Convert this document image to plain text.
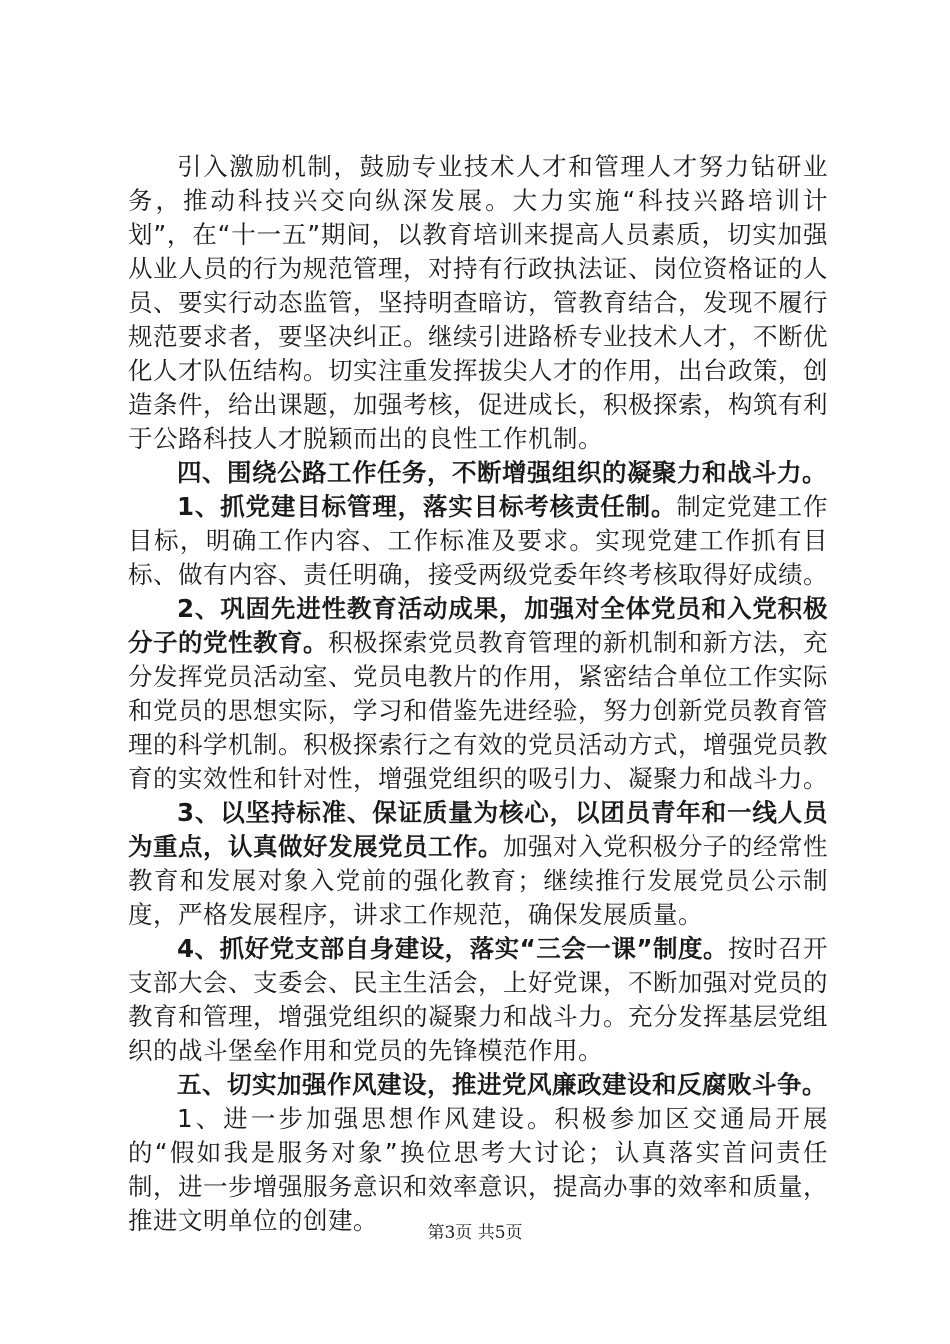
引入激励机制，鼓励专业技术人才和管理人才努力钻研业务，推动科技兴交向纵深发展。大力实施“科技兴路培训计划”，在“十一五”期间，以教育培训来提高人员素质，切实加强从业人员的行为规范管理，对持有行政执法证、岗位资格证的人员、要实行动态监管，坚持明查暗访，管教育结合，发现不履行规范要求者，要坚决纠正。继续引进路桥专业技术人才，不断优化人才队伍结构。切实注重发挥拔尖人才的作用，出台政策，创造条件，给出课题，加强考核，促进成长，积极探索，构筑有利于公路科技人才脱颖而出的良性工作机制。

四、围绕公路工作任务，不断增强组织的凝聚力和战斗力。

1、抓党建目标管理，落实目标考核责任制。制定党建工作目标，明确工作内容、工作标准及要求。实现党建工作抓有目标、做有内容、责任明确，接受两级党委年终考核取得好成绩。

2、巩固先进性教育活动成果，加强对全体党员和入党积极分子的党性教育。积极探索党员教育管理的新机制和新方法，充分发挥党员活动室、党员电教片的作用，紧密结合单位工作实际和党员的思想实际，学习和借鉴先进经验，努力创新党员教育管理的科学机制。积极探索行之有效的党员活动方式，增强党员教育的实效性和针对性，增强党组织的吸引力、凝聚力和战斗力。

3、以坚持标准、保证质量为核心，以团员青年和一线人员为重点，认真做好发展党员工作。加强对入党积极分子的经常性教育和发展对象入党前的强化教育；继续推行发展党员公示制度，严格发展程序，讲求工作规范，确保发展质量。

4、抓好党支部自身建设，落实“三会一课”制度。按时召开支部大会、支委会、民主生活会，上好党课，不断加强对党员的教育和管理，增强党组织的凝聚力和战斗力。充分发挥基层党组织的战斗堡垒作用和党员的先锋模范作用。

五、切实加强作风建设，推进党风廉政建设和反腐败斗争。

1、进一步加强思想作风建设。积极参加区交通局开展的“假如我是服务对象”换位思考大讨论；认真落实首问责任制，进一步增强服务意识和效率意识，提高办事的效率和质量，推进文明单位的创建。	第3页 共5页
